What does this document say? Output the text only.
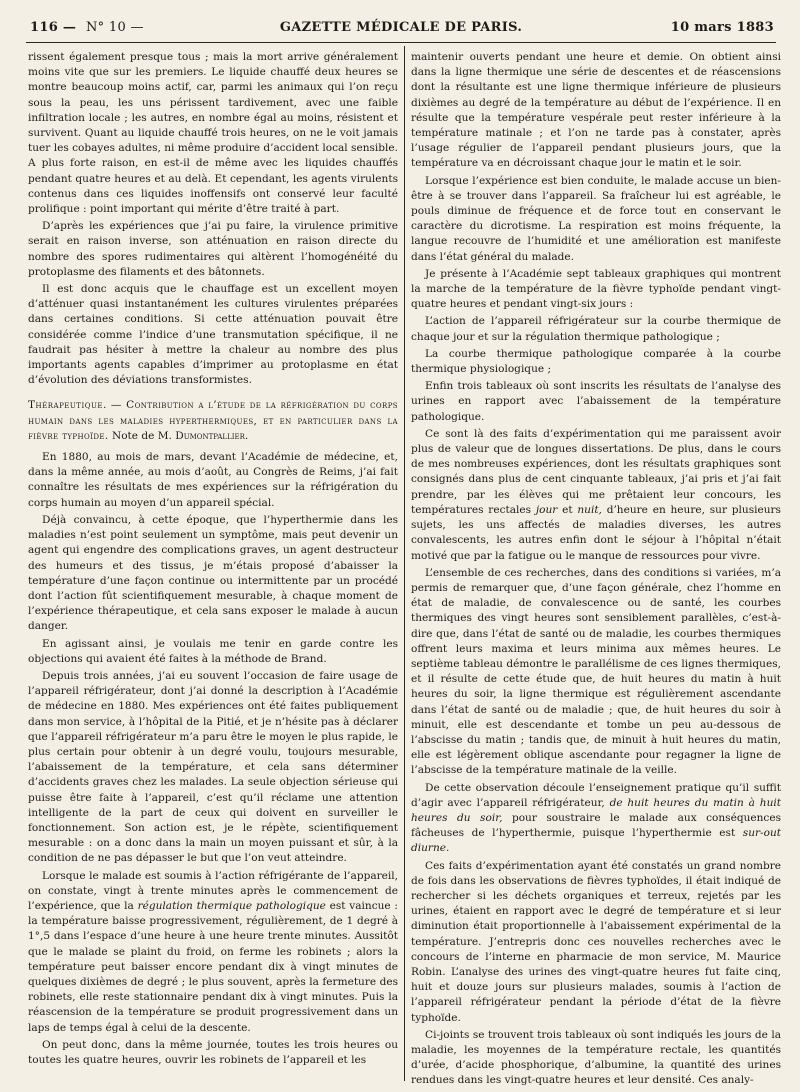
116 — N° 10 —	GAZETTE MÉDICALE DE PARIS.	10 mars 1883

rissent également presque tous ; mais la mort arrive généralement moins vite que sur les premiers. Le liquide chauffé deux heures se montre beaucoup moins actif, car, parmi les animaux qui l’on reçu sous la peau, les uns périssent tardivement, avec une faible infiltration locale ; les autres, en nombre égal au moins, résistent et survivent. Quant au liquide chauffé trois heures, on ne le voit jamais tuer les cobayes adultes, ni même produire d’accident local sensible. A plus forte raison, en est-il de même avec les liquides chauffés pendant quatre heures et au delà. Et cependant, les agents virulents contenus dans ces liquides inoffensifs ont conservé leur faculté prolifique : point important qui mérite d’être traité à part.

D’après les expériences que j’ai pu faire, la virulence primitive serait en raison inverse, son atténuation en raison directe du nombre des spores rudimentaires qui altèrent l’homogénéité du protoplasme des filaments et des bâtonnets.

Il est donc acquis que le chauffage est un excellent moyen d’atténuer quasi instantanément les cultures virulentes préparées dans certaines conditions. Si cette atténuation pouvait être considérée comme l’indice d’une transmutation spécifique, il ne faudrait pas hésiter à mettre la chaleur au nombre des plus importants agents capables d’imprimer au protoplasme en état d’évolution des déviations transformistes.

Thérapeutique. — Contribution a l’étude de la réfrigération du corps humain dans les maladies hyperthermiques, et en particulier dans la fièvre typhoïde. Note de M. Dumontpallier.

En 1880, au mois de mars, devant l’Académie de médecine, et, dans la même année, au mois d’août, au Congrès de Reims, j’ai fait connaître les résultats de mes expériences sur la réfrigération du corps humain au moyen d’un appareil spécial.

Déjà convaincu, à cette époque, que l’hyperthermie dans les maladies n’est point seulement un symptôme, mais peut devenir un agent qui engendre des complications graves, un agent destructeur des humeurs et des tissus, je m’étais proposé d’abaisser la température d’une façon continue ou intermittente par un procédé dont l’action fût scientifiquement mesurable, à chaque moment de l’expérience thérapeutique, et cela sans exposer le malade à aucun danger.

En agissant ainsi, je voulais me tenir en garde contre les objections qui avaient été faites à la méthode de Brand.

Depuis trois années, j’ai eu souvent l’occasion de faire usage de l’appareil réfrigérateur, dont j’ai donné la description à l’Académie de médecine en 1880. Mes expériences ont été faites publiquement dans mon service, à l’hôpital de la Pitié, et je n’hésite pas à déclarer que l’appareil réfrigérateur m’a paru être le moyen le plus rapide, le plus certain pour obtenir à un degré voulu, toujours mesurable, l’abaissement de la température, et cela sans déterminer d’accidents graves chez les malades. La seule objection sérieuse qui puisse être faite à l’appareil, c’est qu’il réclame une attention intelligente de la part de ceux qui doivent en surveiller le fonctionnement. Son action est, je le répète, scientifiquement mesurable : on a donc dans la main un moyen puissant et sûr, à la condition de ne pas dépasser le but que l’on veut atteindre.

Lorsque le malade est soumis à l’action réfrigérante de l’appareil, on constate, vingt à trente minutes après le commencement de l’expérience, que la régulation thermique pathologique est vaincue : la température baisse progressivement, régulièrement, de 1 degré à 1°,5 dans l’espace d’une heure à une heure trente minutes. Aussitôt que le malade se plaint du froid, on ferme les robinets ; alors la température peut baisser encore pendant dix à vingt minutes de quelques dixièmes de degré ; le plus souvent, après la fermeture des robinets, elle reste stationnaire pendant dix à vingt minutes. Puis la réascension de la température se produit progressivement dans un laps de temps égal à celui de la descente.

On peut donc, dans la même journée, toutes les trois heures ou toutes les quatre heures, ouvrir les robinets de l’appareil et les

maintenir ouverts pendant une heure et demie. On obtient ainsi dans la ligne thermique une série de descentes et de réascensions dont la résultante est une ligne thermique inférieure de plusieurs dixièmes au degré de la température au début de l’expérience. Il en résulte que la température vespérale peut rester inférieure à la température matinale ; et l’on ne tarde pas à constater, après l’usage régulier de l’appareil pendant plusieurs jours, que la température va en décroissant chaque jour le matin et le soir.

Lorsque l’expérience est bien conduite, le malade accuse un bien-être à se trouver dans l’appareil. Sa fraîcheur lui est agréable, le pouls diminue de fréquence et de force tout en conservant le caractère du dicrotisme. La respiration est moins fréquente, la langue recouvre de l’humidité et une amélioration est manifeste dans l’état général du malade.

Je présente à l’Académie sept tableaux graphiques qui montrent la marche de la température de la fièvre typhoïde pendant vingt-quatre heures et pendant vingt-six jours :

L’action de l’appareil réfrigérateur sur la courbe thermique de chaque jour et sur la régulation thermique pathologique ;

La courbe thermique pathologique comparée à la courbe thermique physiologique ;

Enfin trois tableaux où sont inscrits les résultats de l’analyse des urines en rapport avec l’abaissement de la température pathologique.

Ce sont là des faits d’expérimentation qui me paraissent avoir plus de valeur que de longues dissertations. De plus, dans le cours de mes nombreuses expériences, dont les résultats graphiques sont consignés dans plus de cent cinquante tableaux, j’ai pris et j’ai fait prendre, par les élèves qui me prêtaient leur concours, les températures rectales jour et nuit, d’heure en heure, sur plusieurs sujets, les uns affectés de maladies diverses, les autres convalescents, les autres enfin dont le séjour à l’hôpital n’était motivé que par la fatigue ou le manque de ressources pour vivre.

L’ensemble de ces recherches, dans des conditions si variées, m’a permis de remarquer que, d’une façon générale, chez l’homme en état de maladie, de convalescence ou de santé, les courbes thermiques des vingt heures sont sensiblement parallèles, c’est-à-dire que, dans l’état de santé ou de maladie, les courbes thermiques offrent leurs maxima et leurs minima aux mêmes heures. Le septième tableau démontre le parallélisme de ces lignes thermiques, et il résulte de cette étude que, de huit heures du matin à huit heures du soir, la ligne thermique est régulièrement ascendante dans l’état de santé ou de maladie ; que, de huit heures du soir à minuit, elle est descendante et tombe un peu au-dessous de l’abscisse du matin ; tandis que, de minuit à huit heures du matin, elle est légèrement oblique ascendante pour regagner la ligne de l’abscisse de la température matinale de la veille.

De cette observation découle l’enseignement pratique qu’il suffit d’agir avec l’appareil réfrigérateur, de huit heures du matin à huit heures du soir, pour soustraire le malade aux conséquences fâcheuses de l’hyperthermie, puisque l’hyperthermie est sur-out diurne.

Ces faits d’expérimentation ayant été constatés un grand nombre de fois dans les observations de fièvres typhoïdes, il était indiqué de rechercher si les déchets organiques et terreux, rejetés par les urines, étaient en rapport avec le degré de température et si leur diminution était proportionnelle à l’abaissement expérimental de la température. J’entrepris donc ces nouvelles recherches avec le concours de l’interne en pharmacie de mon service, M. Maurice Robin. L’analyse des urines des vingt-quatre heures fut faite cinq, huit et douze jours sur plusieurs malades, soumis à l’action de l’appareil réfrigérateur pendant la période d’état de la fièvre typhoïde.

Ci-joints se trouvent trois tableaux où sont indiqués les jours de la maladie, les moyennes de la température rectale, les quantités d’urée, d’acide phosphorique, d’albumine, la quantité des urines rendues dans les vingt-quatre heures et leur densité. Ces analy-
